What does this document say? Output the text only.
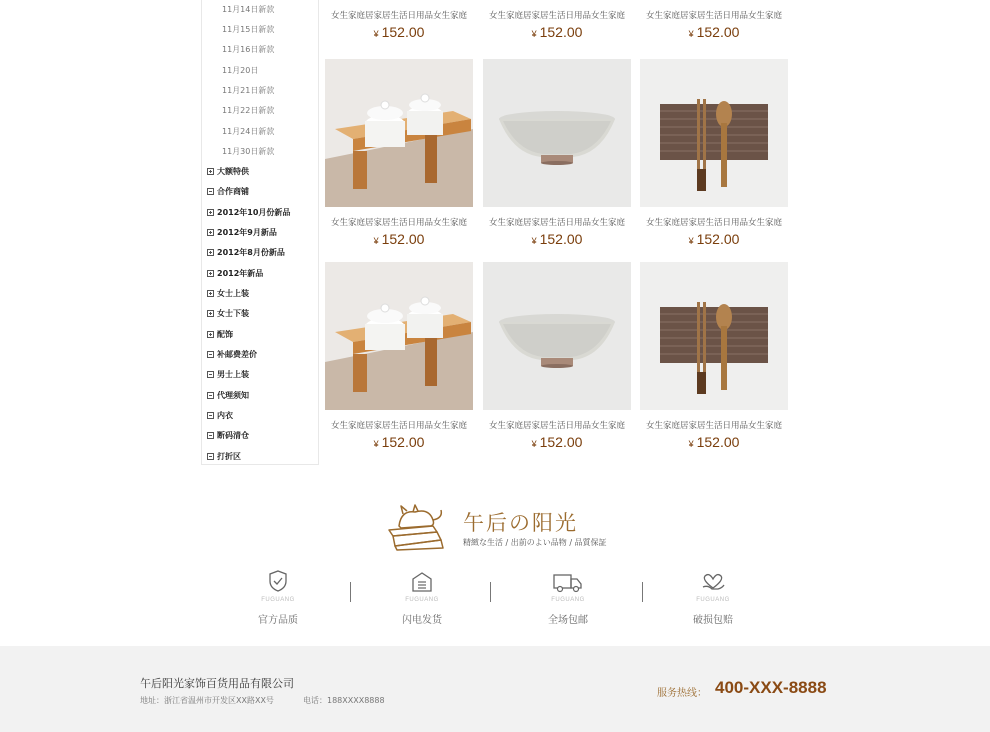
11月14日新款
11月15日新款
11月16日新款
11月20日
11月21日新款
11月22日新款
11月24日新款
11月30日新款
大额特供
合作商铺
2012年10月份新品
2012年9月新品
2012年8月份新品
2012年新品
女士上装
女士下装
配饰
补邮费差价
男士上装
代理须知
内衣
断码清仓
打折区
女生家庭居家居生活日用品女生家庭
¥ 152.00
女生家庭居家居生活日用品女生家庭
¥ 152.00
女生家庭居家居生活日用品女生家庭
¥ 152.00
女生家庭居家居生活日用品女生家庭
¥ 152.00
女生家庭居家居生活日用品女生家庭
¥ 152.00
女生家庭居家居生活日用品女生家庭
¥ 152.00
女生家庭居家居生活日用品女生家庭
¥ 152.00
女生家庭居家居生活日用品女生家庭
¥ 152.00
女生家庭居家居生活日用品女生家庭
¥ 152.00
午后の阳光
精緻な生活 / 出前のよい品物 / 品質保証
FUGUANG
官方品质
FUGUANG
闪电发货
FUGUANG
全场包邮
FUGUANG
破损包赔
午后阳光家饰百货用品有限公司
地址：浙江省温州市开发区XX路XX号	电话：188XXXX8888
服务热线： 400-XXX-8888
